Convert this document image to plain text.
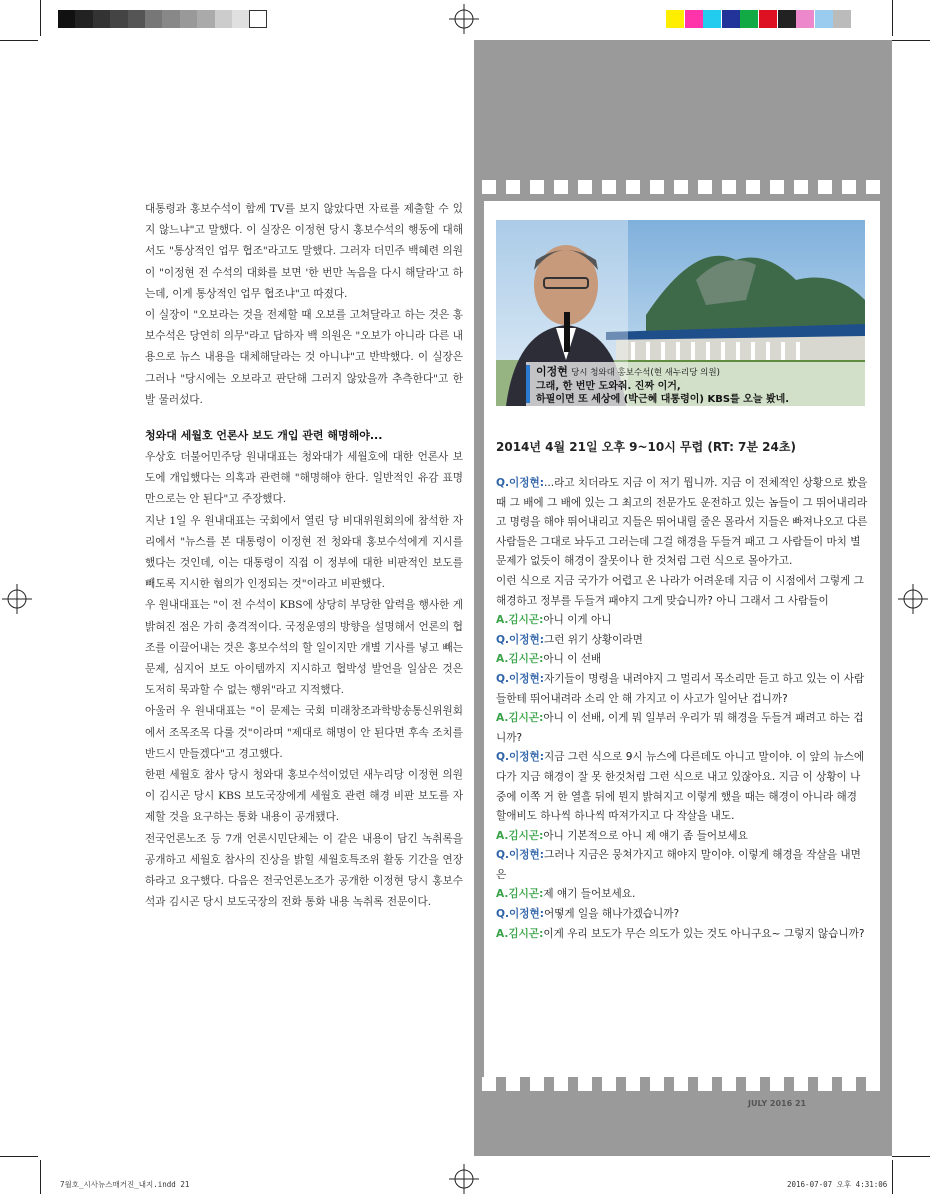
대통령과 홍보수석이 함께 TV를 보지 않았다면 자료를 제출할 수 있지 않느냐"고 말했다. 이 실장은 이정현 당시 홍보수석의 행동에 대해서도 "통상적인 업무 협조"라고도 말했다. 그러자 더민주 백혜련 의원이 "이정현 전 수석의 대화를 보면 '한 번만 녹음을 다시 해달라'고 하는데, 이게 통상적인 업무 협조냐"고 따졌다.

이 실장이 "오보라는 것을 전제할 때 오보를 고쳐달라고 하는 것은 홍보수석은 당연히 의무"라고 답하자 백 의원은 "오보가 아니라 다른 내용으로 뉴스 내용을 대체해달라는 것 아니냐"고 반박했다. 이 실장은 그러나 "당시에는 오보라고 판단해 그러지 않았을까 추측한다"고 한 발 물러섰다.

청와대 세월호 언론사 보도 개입 관련 해명해야...

우상호 더불어민주당 원내대표는 청와대가 세월호에 대한 언론사 보도에 개입했다는 의혹과 관련해 "해명해야 한다. 일반적인 유감 표명만으로는 안 된다"고 주장했다.

지난 1일 우 원내대표는 국회에서 열린 당 비대위원회의에 참석한 자리에서 "뉴스를 본 대통령이 이정현 전 청와대 홍보수석에게 지시를 했다는 것인데, 이는 대통령이 직접 이 정부에 대한 비판적인 보도를 빼도록 지시한 혐의가 인정되는 것"이라고 비판했다.

우 원내대표는 "이 전 수석이 KBS에 상당히 부당한 압력을 행사한 게 밝혀진 점은 가히 충격적이다. 국정운영의 방향을 설명해서 언론의 협조를 이끌어내는 것은 홍보수석의 할 일이지만 개별 기사를 넣고 빼는 문제, 심지어 보도 아이템까지 지시하고 협박성 발언을 일삼은 것은 도저히 묵과할 수 없는 행위"라고 지적했다.

아울러 우 원내대표는 "이 문제는 국회 미래창조과학방송통신위원회에서 조목조목 다룰 것"이라며 "제대로 해명이 안 된다면 후속 조치를 반드시 만들겠다"고 경고했다.

한편 세월호 참사 당시 청와대 홍보수석이었던 새누리당 이정현 의원이 김시곤 당시 KBS 보도국장에게 세월호 관련 해경 비판 보도를 자제할 것을 요구하는 통화 내용이 공개됐다.

전국언론노조 등 7개 언론시민단체는 이 같은 내용이 담긴 녹취록을 공개하고 세월호 참사의 진상을 밝힐 세월호특조위 활동 기간을 연장하라고 요구했다. 다음은 전국언론노조가 공개한 이정현 당시 홍보수석과 김시곤 당시 보도국장의 전화 통화 내용 녹취록 전문이다.

이정현 당시 청와대 홍보수석(현 새누리당 의원)
그래, 한 번만 도와줘. 진짜 이거,
하필이면 또 세상에 (박근혜 대통령이) KBS를 오늘 봤네.
JULY 2016 21
2014년 4월 21일 오후 9~10시 무렵 (RT: 7분 24초)

Q.이정현:...라고 치더라도 지금 이 저기 뭡니까. 지금 이 전체적인 상황으로 봤을 때 그 배에 그 배에 있는 그 최고의 전문가도 운전하고 있는 놈들이 그 뛰어내리라고 명령을 해야 뛰어내리고 지들은 뛰어내릴 줄은 몰라서 지들은 빠져나오고 다른 사람들은 그대로 놔두고 그러는데 그걸 해경을 두들겨 패고 그 사람들이 마치 별 문제가 없듯이 해경이 잘못이나 한 것처럼 그런 식으로 몰아가고.

이런 식으로 지금 국가가 어렵고 온 나라가 어려운데 지금 이 시점에서 그렇게 그 해경하고 정부를 두들겨 패야지 그게 맞습니까? 아니 그래서 그 사람들이

A.김시곤:아니 이게 아니

Q.이정현:그런 위기 상황이라면

A.김시곤:아니 이 선배

Q.이정현:자기들이 명령을 내려야지 그 멀리서 목소리만 듣고 하고 있는 이 사람들한테 뛰어내려라 소리 안 해 가지고 이 사고가 일어난 겁니까?

A.김시곤:아니 이 선배, 이게 뭐 일부러 우리가 뭐 해경을 두들겨 패려고 하는 겁니까?

Q.이정현:지금 그런 식으로 9시 뉴스에 다른데도 아니고 말이야. 이 앞의 뉴스에다가 지금 해경이 잘 못 한것처럼 그런 식으로 내고 있잖아요. 지금 이 상황이 나중에 이쪽 거 한 열흘 뒤에 뭔지 밝혀지고 이렇게 했을 때는 해경이 아니라 해경 할애비도 하나씩 하나씩 따져가지고 다 작살을 내도.

A.김시곤:아니 기본적으로 아니 제 얘기 좀 들어보세요

Q.이정현:그러나 지금은 뭉쳐가지고 해야지 말이야. 이렇게 해경을 작살을 내면은

A.김시곤:제 얘기 들어보세요.

Q.이정현:어떻게 일을 해나가겠습니까?

A.김시곤:이게 우리 보도가 무슨 의도가 있는 것도 아니구요~ 그렇지 않습니까?

7월호_시사뉴스매거진_내지.indd 21	2016-07-07 오후 4:31:06
